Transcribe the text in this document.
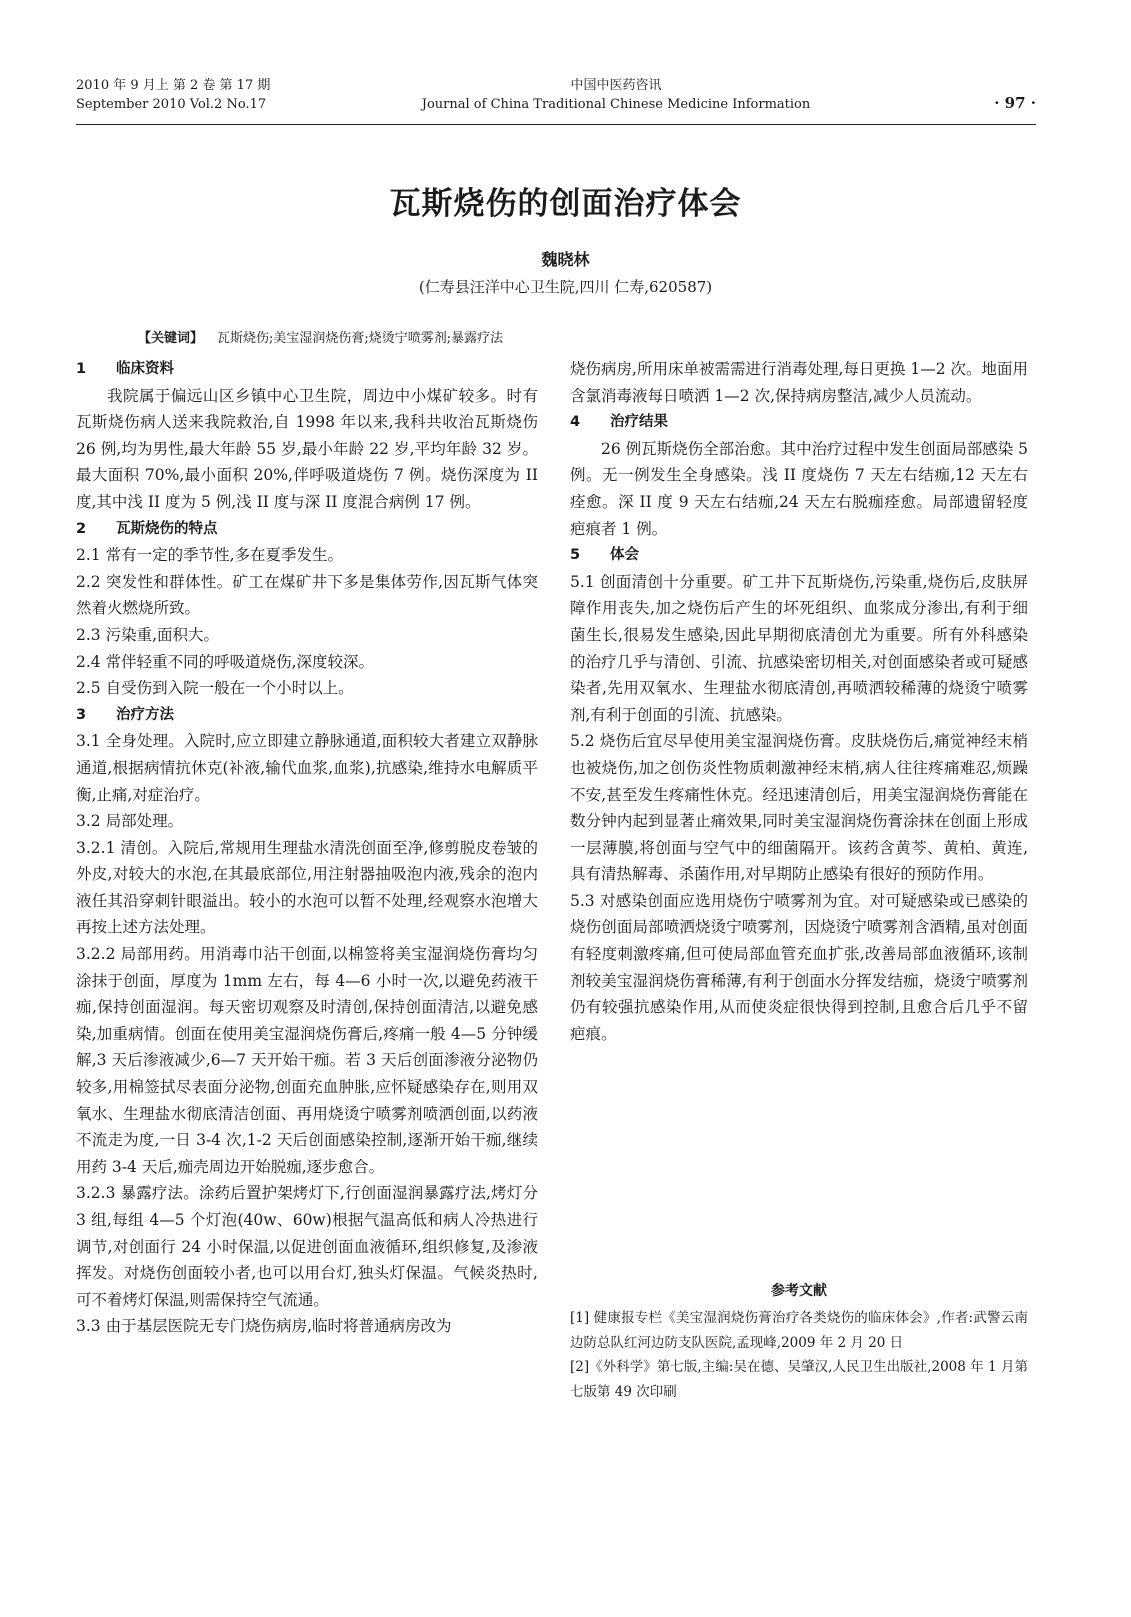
2010 年 9 月上 第 2 卷 第 17 期
September 2010 Vol.2 No.17
中国中医药咨讯
Journal of China Traditional Chinese Medicine Information	· 97 ·
瓦斯烧伤的创面治疗体会
魏晓林
(仁寿县汪洋中心卫生院,四川 仁寿,620587)
【关键词】 瓦斯烧伤;美宝湿润烧伤膏;烧烫宁喷雾剂;暴露疗法

1 临床资料

我院属于偏远山区乡镇中心卫生院，周边中小煤矿较多。时有瓦斯烧伤病人送来我院救治,自 1998 年以来,我科共收治瓦斯烧伤 26 例,均为男性,最大年龄 55 岁,最小年龄 22 岁,平均年龄 32 岁。最大面积 70%,最小面积 20%,伴呼吸道烧伤 7 例。烧伤深度为 II 度,其中浅 II 度为 5 例,浅 II 度与深 II 度混合病例 17 例。

2 瓦斯烧伤的特点

2.1 常有一定的季节性,多在夏季发生。

2.2 突发性和群体性。矿工在煤矿井下多是集体劳作,因瓦斯气体突然着火燃烧所致。

2.3 污染重,面积大。

2.4 常伴轻重不同的呼吸道烧伤,深度较深。

2.5 自受伤到入院一般在一个小时以上。

3 治疗方法

3.1 全身处理。入院时,应立即建立静脉通道,面积较大者建立双静脉通道,根据病情抗休克(补液,输代血浆,血浆),抗感染,维持水电解质平衡,止痛,对症治疗。

3.2 局部处理。

3.2.1 清创。入院后,常规用生理盐水清洗创面至净,修剪脱皮卷皱的外皮,对较大的水泡,在其最底部位,用注射器抽吸泡内液,残余的泡内液任其沿穿刺针眼溢出。较小的水泡可以暂不处理,经观察水泡增大再按上述方法处理。

3.2.2 局部用药。用消毒巾沾干创面,以棉签将美宝湿润烧伤膏均匀涂抹于创面，厚度为 1mm 左右，每 4—6 小时一次,以避免药液干痂,保持创面湿润。每天密切观察及时清创,保持创面清洁,以避免感染,加重病情。创面在使用美宝湿润烧伤膏后,疼痛一般 4—5 分钟缓解,3 天后渗液减少,6—7 天开始干痂。若 3 天后创面渗液分泌物仍较多,用棉签拭尽表面分泌物,创面充血肿胀,应怀疑感染存在,则用双氧水、生理盐水彻底清洁创面、再用烧烫宁喷雾剂喷洒创面,以药液不流走为度,一日 3-4 次,1-2 天后创面感染控制,逐渐开始干痂,继续用药 3-4 天后,痂壳周边开始脱痂,逐步愈合。

3.2.3 暴露疗法。涂药后置护架烤灯下,行创面湿润暴露疗法,烤灯分 3 组,每组 4—5 个灯泡(40w、60w)根据气温高低和病人冷热进行调节,对创面行 24 小时保温,以促进创面血液循环,组织修复,及渗液挥发。对烧伤创面较小者,也可以用台灯,独头灯保温。气候炎热时,可不着烤灯保温,则需保持空气流通。

3.3 由于基层医院无专门烧伤病房,临时将普通病房改为

烧伤病房,所用床单被需需进行消毒处理,每日更换 1—2 次。地面用含氯消毒液每日喷洒 1—2 次,保持病房整洁,减少人员流动。

4 治疗结果

26 例瓦斯烧伤全部治愈。其中治疗过程中发生创面局部感染 5 例。无一例发生全身感染。浅 II 度烧伤 7 天左右结痂,12 天左右痊愈。深 II 度 9 天左右结痂,24 天左右脱痂痊愈。局部遗留轻度疤痕者 1 例。

5 体会

5.1 创面清创十分重要。矿工井下瓦斯烧伤,污染重,烧伤后,皮肤屏障作用丧失,加之烧伤后产生的坏死组织、血浆成分渗出,有利于细菌生长,很易发生感染,因此早期彻底清创尤为重要。所有外科感染的治疗几乎与清创、引流、抗感染密切相关,对创面感染者或可疑感染者,先用双氧水、生理盐水彻底清创,再喷洒较稀薄的烧烫宁喷雾剂,有利于创面的引流、抗感染。

5.2 烧伤后宜尽早使用美宝湿润烧伤膏。皮肤烧伤后,痛觉神经末梢也被烧伤,加之创伤炎性物质刺激神经末梢,病人往往疼痛难忍,烦躁不安,甚至发生疼痛性休克。经迅速清创后，用美宝湿润烧伤膏能在数分钟内起到显著止痛效果,同时美宝湿润烧伤膏涂抹在创面上形成一层薄膜,将创面与空气中的细菌隔开。该药含黄芩、黄柏、黄连,具有清热解毒、杀菌作用,对早期防止感染有很好的预防作用。

5.3 对感染创面应选用烧伤宁喷雾剂为宜。对可疑感染或已感染的烧伤创面局部喷洒烧烫宁喷雾剂，因烧烫宁喷雾剂含酒精,虽对创面有轻度刺激疼痛,但可使局部血管充血扩张,改善局部血液循环,该制剂较美宝湿润烧伤膏稀薄,有利于创面水分挥发结痂，烧烫宁喷雾剂仍有较强抗感染作用,从而使炎症很快得到控制,且愈合后几乎不留疤痕。

参考文献

[1] 健康报专栏《美宝湿润烧伤膏治疗各类烧伤的临床体会》,作者:武警云南边防总队红河边防支队医院,孟现峰,2009 年 2 月 20 日

[2]《外科学》第七版,主编:吴在德、吴肇汉,人民卫生出版社,2008 年 1 月第七版第 49 次印刷
